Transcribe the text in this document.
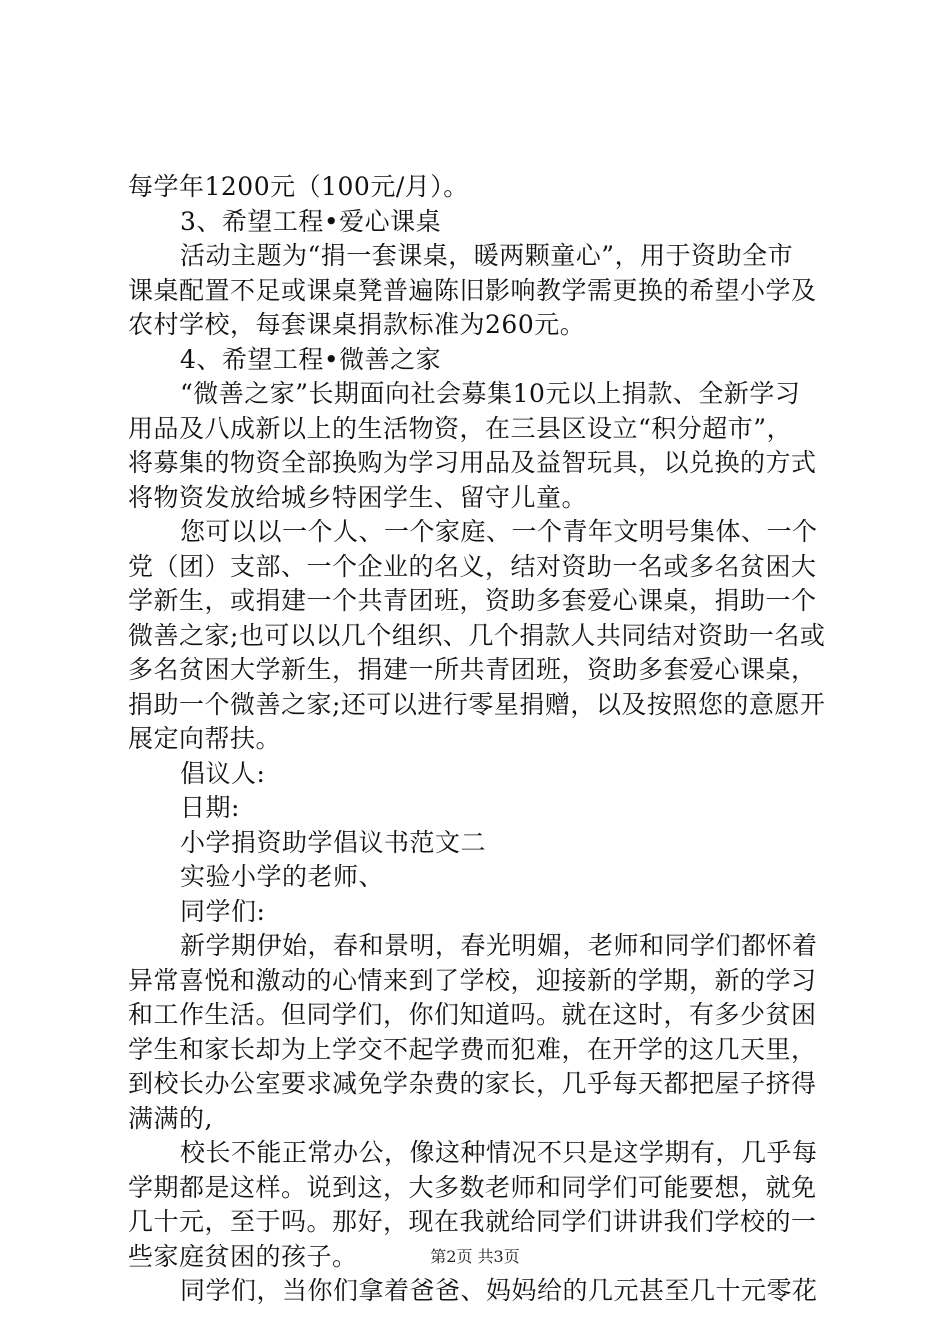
每学年1200元（100元/月）。
3、希望工程•爱心课桌
活动主题为“捐一套课桌，暖两颗童心”，用于资助全市
课桌配置不足或课桌凳普遍陈旧影响教学需更换的希望小学及
农村学校，每套课桌捐款标准为260元。
4、希望工程•微善之家
“微善之家”长期面向社会募集10元以上捐款、全新学习
用品及八成新以上的生活物资，在三县区设立“积分超市”，
将募集的物资全部换购为学习用品及益智玩具，以兑换的方式
将物资发放给城乡特困学生、留守儿童。
您可以以一个人、一个家庭、一个青年文明号集体、一个
党（团）支部、一个企业的名义，结对资助一名或多名贫困大
学新生，或捐建一个共青团班，资助多套爱心课桌，捐助一个
微善之家;也可以以几个组织、几个捐款人共同结对资助一名或
多名贫困大学新生，捐建一所共青团班，资助多套爱心课桌，
捐助一个微善之家;还可以进行零星捐赠，以及按照您的意愿开
展定向帮扶。
倡议人:
日期:
小学捐资助学倡议书范文二
实验小学的老师、
同学们:
新学期伊始，春和景明，春光明媚，老师和同学们都怀着
异常喜悦和激动的心情来到了学校，迎接新的学期，新的学习
和工作生活。但同学们，你们知道吗。就在这时，有多少贫困
学生和家长却为上学交不起学费而犯难，在开学的这几天里，
到校长办公室要求减免学杂费的家长，几乎每天都把屋子挤得
满满的,
校长不能正常办公，像这种情况不只是这学期有，几乎每
学期都是这样。说到这，大多数老师和同学们可能要想，就免
几十元，至于吗。那好，现在我就给同学们讲讲我们学校的一
些家庭贫困的孩子。
同学们，当你们拿着爸爸、妈妈给的几元甚至几十元零花
第2页 共3页
